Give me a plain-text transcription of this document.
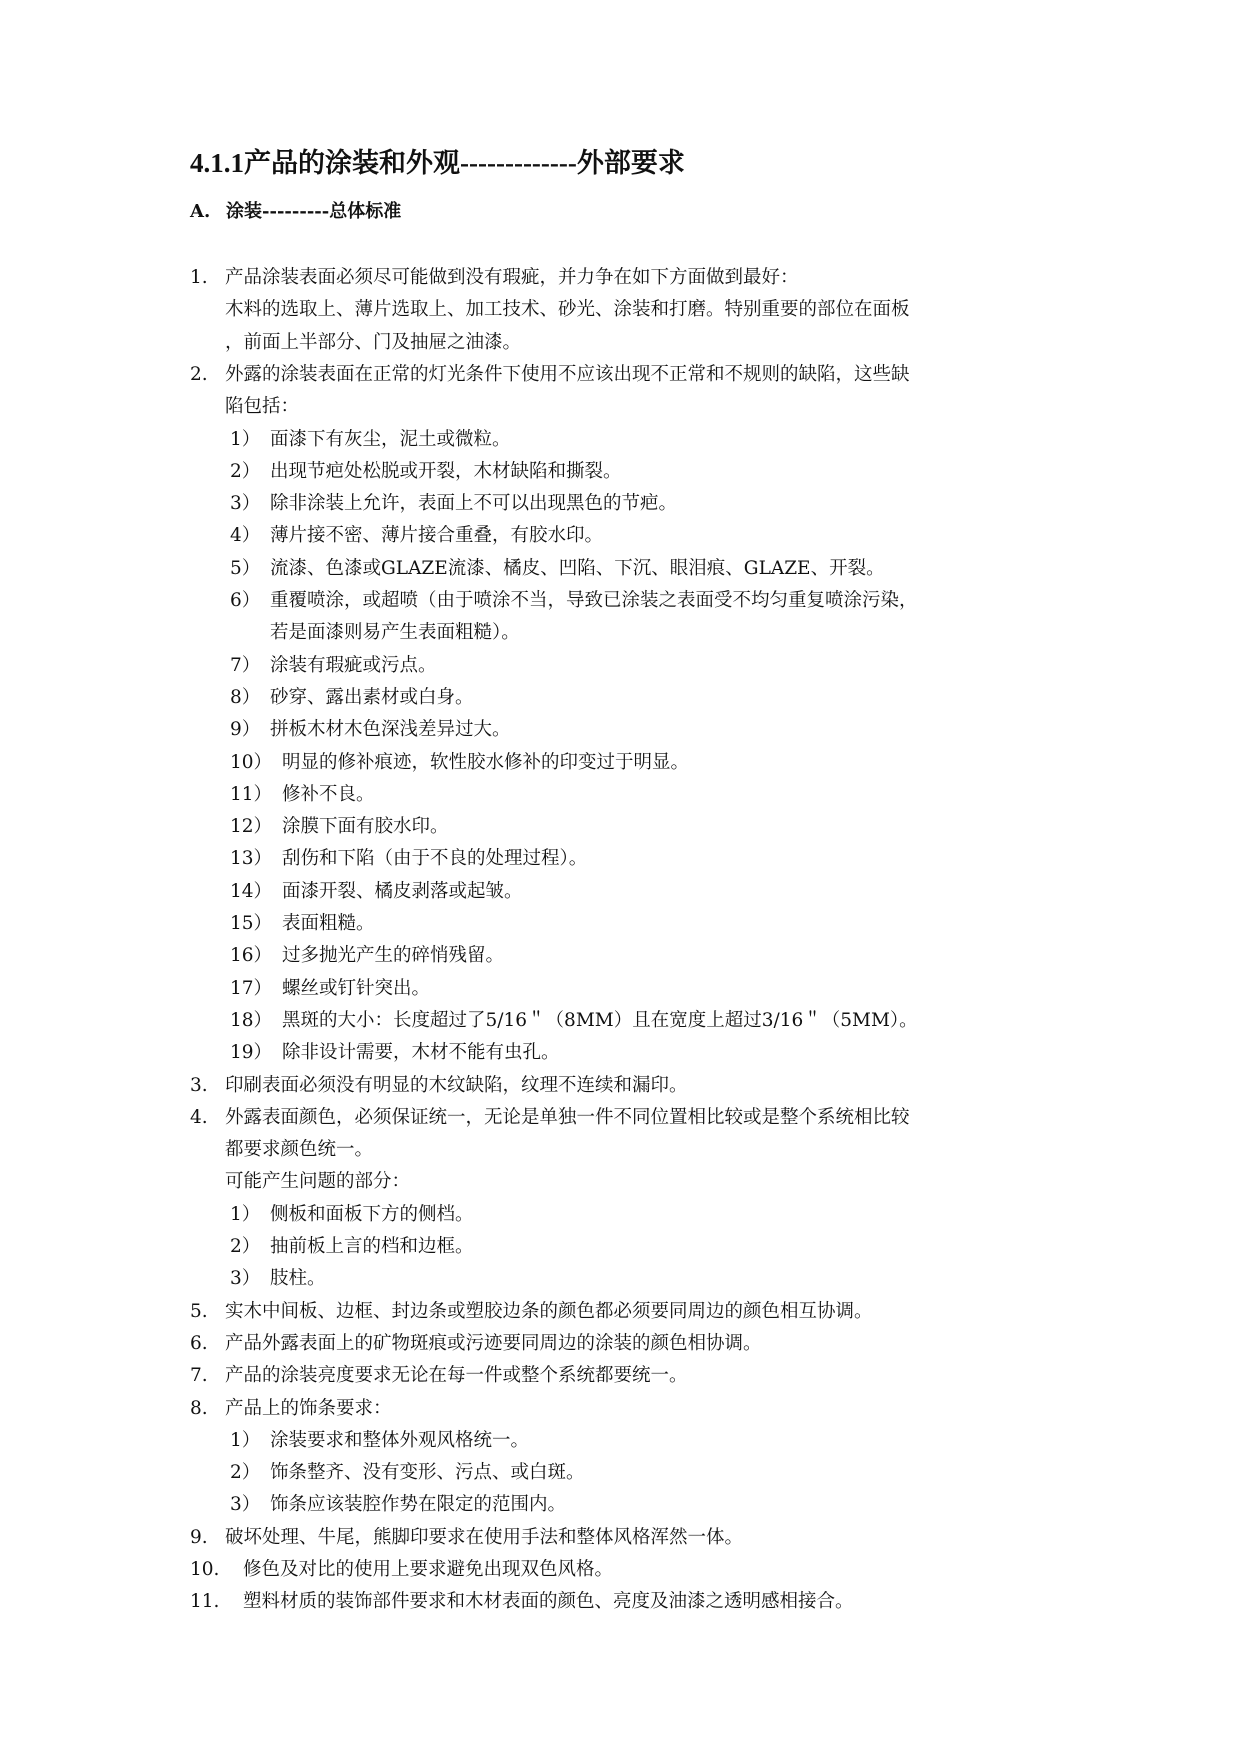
4.1.1产品的涂装和外观-------------外部要求
A. 涂装---------总体标准
1. 产品涂装表面必须尽可能做到没有瑕疵，并力争在如下方面做到最好：
木料的选取上、薄片选取上、加工技术、砂光、涂装和打磨。特别重要的部位在面板
，前面上半部分、门及抽屉之油漆。
2. 外露的涂装表面在正常的灯光条件下使用不应该出现不正常和不规则的缺陷，这些缺
陷包括：
1） 面漆下有灰尘，泥土或微粒。
2） 出现节疤处松脱或开裂，木材缺陷和撕裂。
3） 除非涂装上允许，表面上不可以出现黑色的节疤。
4） 薄片接不密、薄片接合重叠，有胶水印。
5） 流漆、色漆或GLAZE流漆、橘皮、凹陷、下沉、眼泪痕、GLAZE、开裂。
6） 重覆喷涂，或超喷（由于喷涂不当，导致已涂装之表面受不均匀重复喷涂污染，
若是面漆则易产生表面粗糙）。
7） 涂装有瑕疵或污点。
8） 砂穿、露出素材或白身。
9） 拼板木材木色深浅差异过大。
10） 明显的修补痕迹，软性胶水修补的印变过于明显。
11） 修补不良。
12） 涂膜下面有胶水印。
13） 刮伤和下陷（由于不良的处理过程）。
14） 面漆开裂、橘皮剥落或起皱。
15） 表面粗糙。
16） 过多抛光产生的碎悄残留。
17） 螺丝或钉针突出。
18） 黑斑的大小：长度超过了5/16＂（8MM）且在宽度上超过3/16＂（5MM）。
19） 除非设计需要，木材不能有虫孔。
3. 印刷表面必须没有明显的木纹缺陷，纹理不连续和漏印。
4. 外露表面颜色，必须保证统一，无论是单独一件不同位置相比较或是整个系统相比较
都要求颜色统一。
可能产生问题的部分：
1） 侧板和面板下方的侧档。
2） 抽前板上言的档和边框。
3） 肢柱。
5. 实木中间板、边框、封边条或塑胶边条的颜色都必须要同周边的颜色相互协调。
6. 产品外露表面上的矿物斑痕或污迹要同周边的涂装的颜色相协调。
7. 产品的涂装亮度要求无论在每一件或整个系统都要统一。
8. 产品上的饰条要求：
1） 涂装要求和整体外观风格统一。
2） 饰条整齐、没有变形、污点、或白斑。
3） 饰条应该装腔作势在限定的范围内。
9. 破坏处理、牛尾，熊脚印要求在使用手法和整体风格浑然一体。
10.	修色及对比的使用上要求避免出现双色风格。
11.	塑料材质的装饰部件要求和木材表面的颜色、亮度及油漆之透明感相接合。
